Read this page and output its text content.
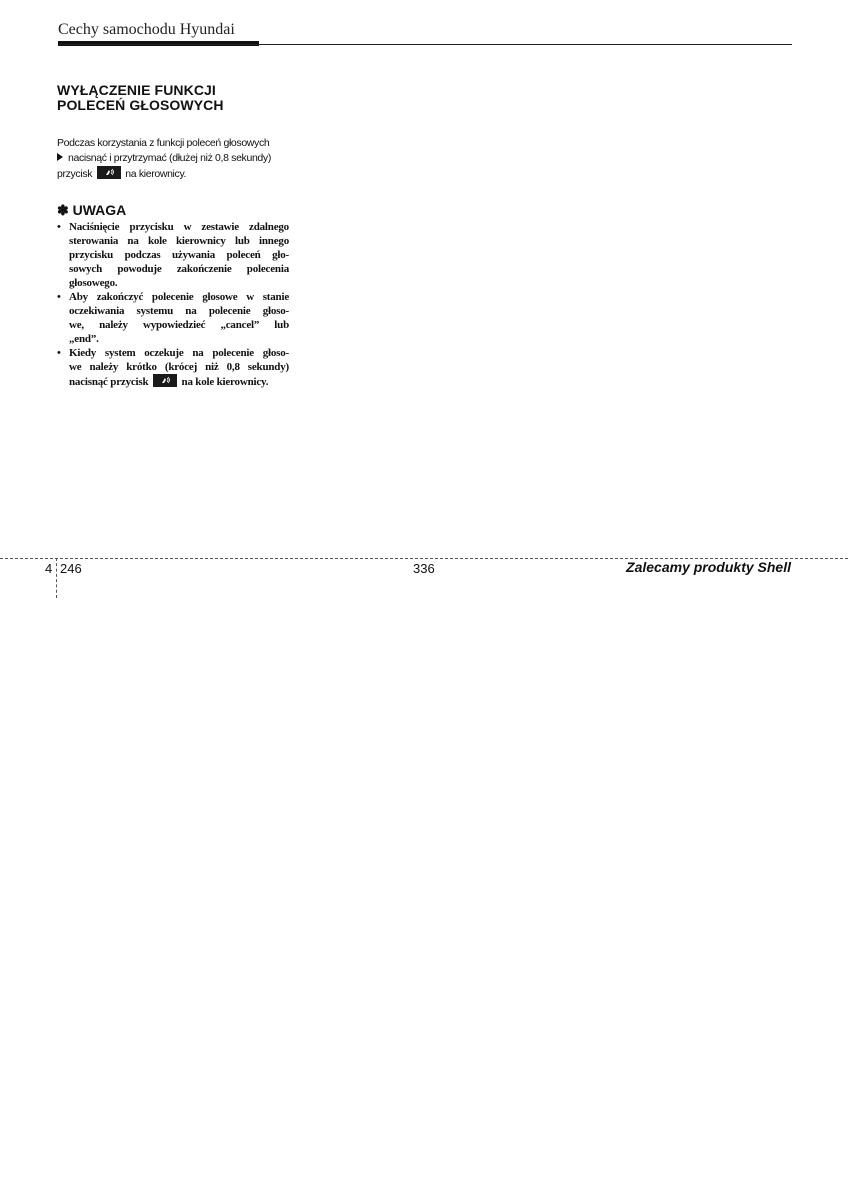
Cechy samochodu Hyundai
WYŁĄCZENIE FUNKCJI
POLECEŃ GŁOSOWYCH
Podczas korzystania z funkcji poleceń głosowych
nacisnąć i przytrzymać (dłużej niż 0,8 sekundy)
przycisk	na kierownicy.
✽ UWAGA
• Naciśnięcie przycisku w zestawie zdalnego
sterowania na kole kierownicy lub innego
przycisku podczas używania poleceń gło-
sowych powoduje zakończenie polecenia
głosowego.
• Aby zakończyć polecenie głosowe w stanie
oczekiwania systemu na polecenie głoso-
we, należy wypowiedzieć „cancel” lub
„end”.
• Kiedy system oczekuje na polecenie głoso-
we należy krótko (krócej niż 0,8 sekundy)
nacisnąć przycisk	na kole kierownicy.
4 246	336	Zalecamy produkty Shell
